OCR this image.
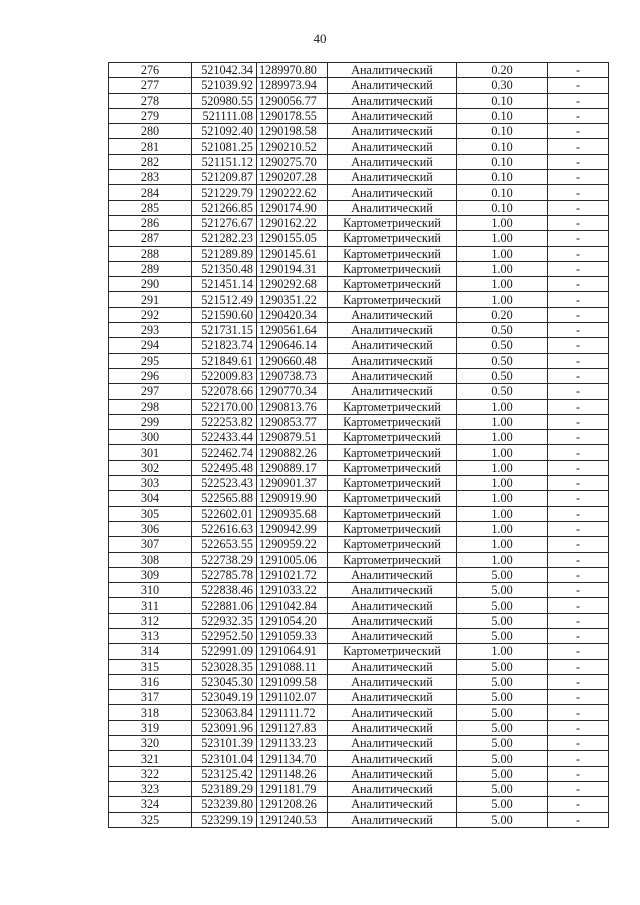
40
276	521042.34	1289970.80	Аналитический	0.20	-
277	521039.92	1289973.94	Аналитический	0.30	-
278	520980.55	1290056.77	Аналитический	0.10	-
279	521111.08	1290178.55	Аналитический	0.10	-
280	521092.40	1290198.58	Аналитический	0.10	-
281	521081.25	1290210.52	Аналитический	0.10	-
282	521151.12	1290275.70	Аналитический	0.10	-
283	521209.87	1290207.28	Аналитический	0.10	-
284	521229.79	1290222.62	Аналитический	0.10	-
285	521266.85	1290174.90	Аналитический	0.10	-
286	521276.67	1290162.22	Картометрический	1.00	-
287	521282.23	1290155.05	Картометрический	1.00	-
288	521289.89	1290145.61	Картометрический	1.00	-
289	521350.48	1290194.31	Картометрический	1.00	-
290	521451.14	1290292.68	Картометрический	1.00	-
291	521512.49	1290351.22	Картометрический	1.00	-
292	521590.60	1290420.34	Аналитический	0.20	-
293	521731.15	1290561.64	Аналитический	0.50	-
294	521823.74	1290646.14	Аналитический	0.50	-
295	521849.61	1290660.48	Аналитический	0.50	-
296	522009.83	1290738.73	Аналитический	0.50	-
297	522078.66	1290770.34	Аналитический	0.50	-
298	522170.00	1290813.76	Картометрический	1.00	-
299	522253.82	1290853.77	Картометрический	1.00	-
300	522433.44	1290879.51	Картометрический	1.00	-
301	522462.74	1290882.26	Картометрический	1.00	-
302	522495.48	1290889.17	Картометрический	1.00	-
303	522523.43	1290901.37	Картометрический	1.00	-
304	522565.88	1290919.90	Картометрический	1.00	-
305	522602.01	1290935.68	Картометрический	1.00	-
306	522616.63	1290942.99	Картометрический	1.00	-
307	522653.55	1290959.22	Картометрический	1.00	-
308	522738.29	1291005.06	Картометрический	1.00	-
309	522785.78	1291021.72	Аналитический	5.00	-
310	522838.46	1291033.22	Аналитический	5.00	-
311	522881.06	1291042.84	Аналитический	5.00	-
312	522932.35	1291054.20	Аналитический	5.00	-
313	522952.50	1291059.33	Аналитический	5.00	-
314	522991.09	1291064.91	Картометрический	1.00	-
315	523028.35	1291088.11	Аналитический	5.00	-
316	523045.30	1291099.58	Аналитический	5.00	-
317	523049.19	1291102.07	Аналитический	5.00	-
318	523063.84	1291111.72	Аналитический	5.00	-
319	523091.96	1291127.83	Аналитический	5.00	-
320	523101.39	1291133.23	Аналитический	5.00	-
321	523101.04	1291134.70	Аналитический	5.00	-
322	523125.42	1291148.26	Аналитический	5.00	-
323	523189.29	1291181.79	Аналитический	5.00	-
324	523239.80	1291208.26	Аналитический	5.00	-
325	523299.19	1291240.53	Аналитический	5.00	-
